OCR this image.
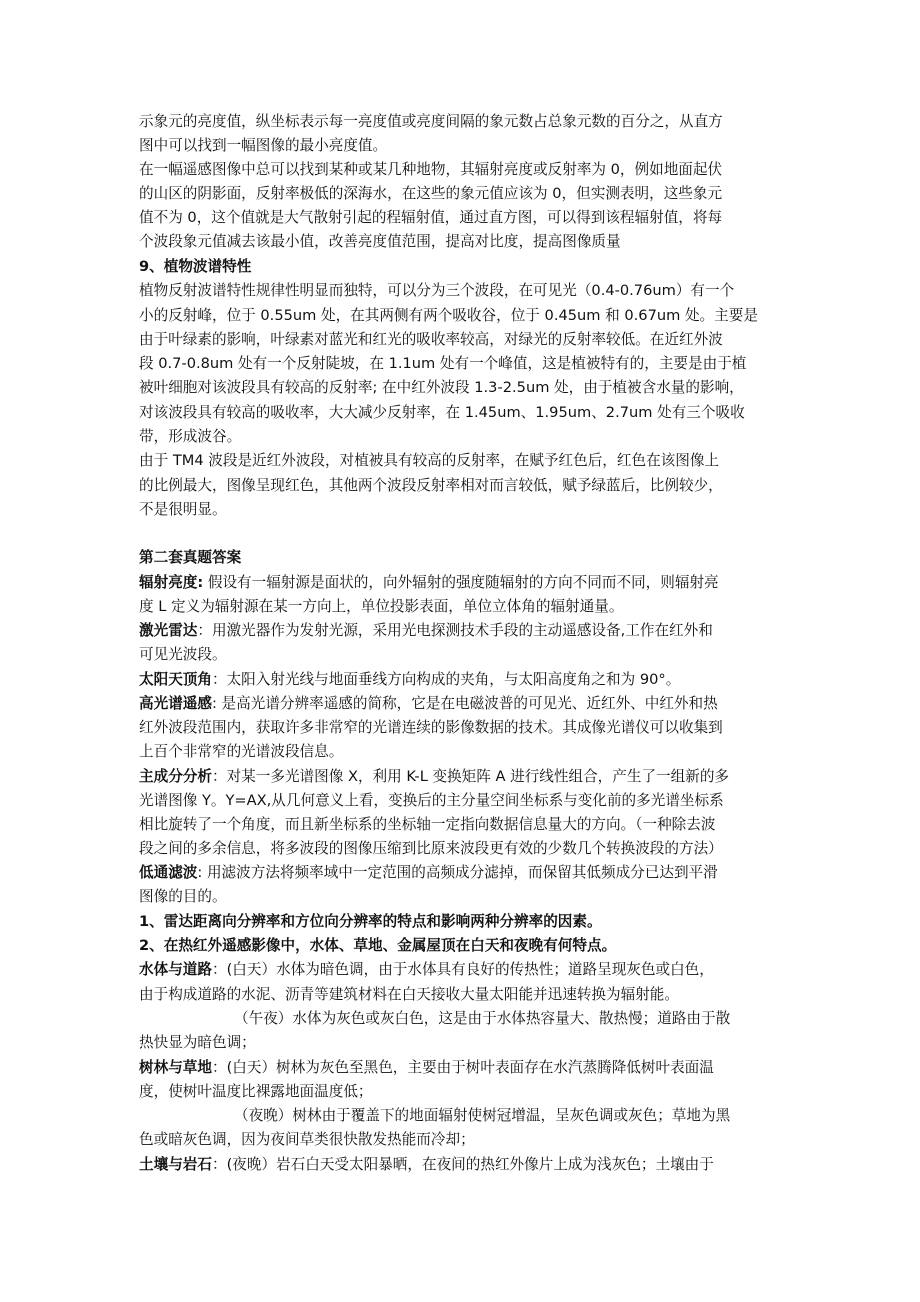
示象元的亮度值，纵坐标表示每一亮度值或亮度间隔的象元数占总象元数的百分之，从直方
图中可以找到一幅图像的最小亮度值。
在一幅遥感图像中总可以找到某种或某几种地物，其辐射亮度或反射率为 0，例如地面起伏
的山区的阴影面，反射率极低的深海水，在这些的象元值应该为 0，但实测表明，这些象元
值不为 0，这个值就是大气散射引起的程辐射值，通过直方图，可以得到该程辐射值，将每
个波段象元值减去该最小值，改善亮度值范围，提高对比度，提高图像质量
9、植物波谱特性
植物反射波谱特性规律性明显而独特，可以分为三个波段，在可见光（0.4-0.76um）有一个
小的反射峰，位于 0.55um 处，在其两侧有两个吸收谷，位于 0.45um 和 0.67um 处。主要是
由于叶绿素的影响，叶绿素对蓝光和红光的吸收率较高，对绿光的反射率较低。在近红外波
段 0.7-0.8um 处有一个反射陡坡，在 1.1um 处有一个峰值，这是植被特有的，主要是由于植
被叶细胞对该波段具有较高的反射率; 在中红外波段 1.3-2.5um 处，由于植被含水量的影响，
对该波段具有较高的吸收率，大大减少反射率，在 1.45um、1.95um、2.7um 处有三个吸收
带，形成波谷。
由于 TM4 波段是近红外波段，对植被具有较高的反射率，在赋予红色后，红色在该图像上
的比例最大，图像呈现红色，其他两个波段反射率相对而言较低，赋予绿蓝后，比例较少，
不是很明显。
第二套真题答案
辐射亮度: 假设有一辐射源是面状的，向外辐射的强度随辐射的方向不同而不同，则辐射亮
度 L 定义为辐射源在某一方向上，单位投影表面，单位立体角的辐射通量。
激光雷达：用激光器作为发射光源，采用光电探测技术手段的主动遥感设备,工作在红外和
可见光波段。
太阳天顶角：太阳入射光线与地面垂线方向构成的夹角，与太阳高度角之和为 90°。
高光谱遥感: 是高光谱分辨率遥感的简称，它是在电磁波普的可见光、近红外、中红外和热
红外波段范围内，获取许多非常窄的光谱连续的影像数据的技术。其成像光谱仪可以收集到
上百个非常窄的光谱波段信息。
主成分分析：对某一多光谱图像 X，利用 K-L 变换矩阵 A 进行线性组合，产生了一组新的多
光谱图像 Y。Y=AX,从几何意义上看，变换后的主分量空间坐标系与变化前的多光谱坐标系
相比旋转了一个角度，而且新坐标系的坐标轴一定指向数据信息量大的方向。（一种除去波
段之间的多余信息，将多波段的图像压缩到比原来波段更有效的少数几个转换波段的方法）
低通滤波: 用滤波方法将频率域中一定范围的高频成分滤掉，而保留其低频成分已达到平滑
图像的目的。
1、雷达距离向分辨率和方位向分辨率的特点和影响两种分辨率的因素。
2、在热红外遥感影像中，水体、草地、金属屋顶在白天和夜晚有何特点。
水体与道路：(白天）水体为暗色调，由于水体具有良好的传热性；道路呈现灰色或白色，
由于构成道路的水泥、沥青等建筑材料在白天接收大量太阳能并迅速转换为辐射能。
（午夜）水体为灰色或灰白色，这是由于水体热容量大、散热慢；道路由于散
热快显为暗色调；
树林与草地：(白天）树林为灰色至黑色，主要由于树叶表面存在水汽蒸腾降低树叶表面温
度，使树叶温度比裸露地面温度低；
（夜晚）树林由于覆盖下的地面辐射使树冠增温，呈灰色调或灰色；草地为黑
色或暗灰色调，因为夜间草类很快散发热能而冷却；
土壤与岩石：(夜晚）岩石白天受太阳暴晒，在夜间的热红外像片上成为浅灰色；土壤由于
